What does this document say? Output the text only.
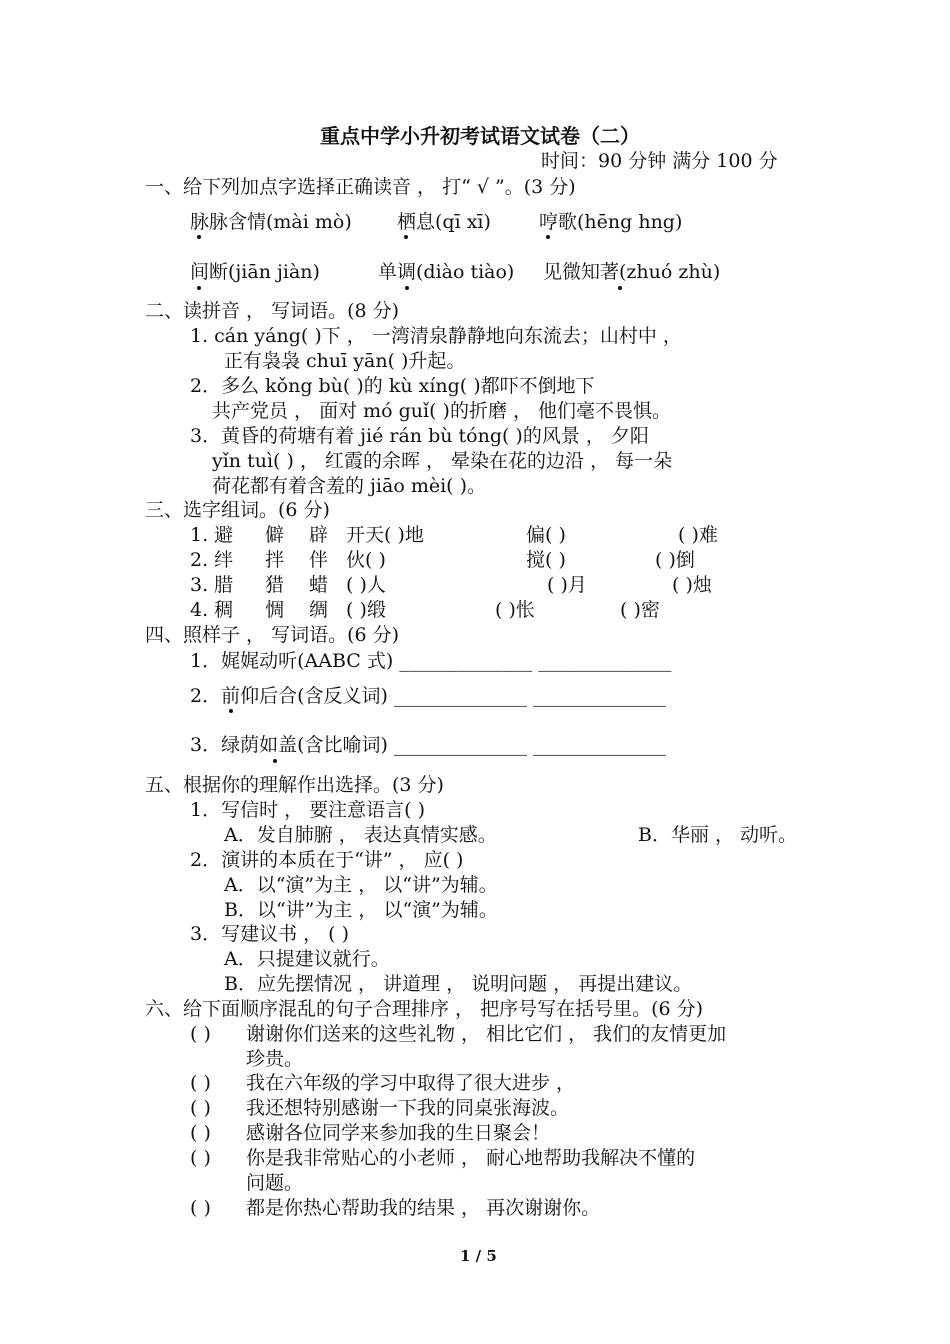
重点中学小升初考试语文试卷（二）
时间：90 分钟 满分 100 分
一、给下列加点字选择正确读音 ， 打“ √ ”。(3 分)
脉脉含情(mài mò) 栖息(qī xī)	哼歌(hēng hng)
间断(jiān jiàn)	单调(diào tiào) 见微知著(zhuó zhù)
二、读拼音 ， 写词语。(8 分)
1. cán yáng( )下 ， 一湾清泉静静地向东流去；山村中 ，
正有袅袅 chuī yān( )升起。
2．多么 kǒng bù( )的 kù xíng( )都吓不倒地下
共产党员 ， 面对 mó guǐ( )的折磨 ， 他们毫不畏惧。
3．黄昏的荷塘有着 jié rán bù tóng( )的风景 ， 夕阳
yǐn tuì( ) ， 红霞的余晖 ， 晕染在花的边沿 ， 每一朵
荷花都有着含羞的 jiāo mèi( )。
三、选字组词。(6 分)
1. 避 僻 辟 开天( )地	偏( )	( )难
2. 绊 拌 伴 伙( )	搅( )	( )倒
3. 腊 猎 蜡 ( )人	( )月	( )烛
4. 稠 惆 绸 ( )缎	( )怅	( )密
四、照样子 ， 写词语。(6 分)
1．娓娓动听(AABC 式) ______________ ______________
2．前仰后合(含反义词) ______________ ______________
3．绿荫如盖(含比喻词) ______________ ______________
五、根据你的理解作出选择。(3 分)
1．写信时 ， 要注意语言( )
A．发自肺腑 ， 表达真情实感。	B．华丽 ， 动听。
2．演讲的本质在于“讲” ， 应( )
A．以“演”为主 ， 以“讲”为辅。
B．以“讲”为主 ， 以“演”为辅。
3．写建议书 ， ( )
A．只提建议就行。
B．应先摆情况 ， 讲道理 ， 说明问题 ， 再提出建议。
六、给下面顺序混乱的句子合理排序 ， 把序号写在括号里。(6 分)
( ) 谢谢你们送来的这些礼物 ， 相比它们 ， 我们的友情更加
珍贵。
( ) 我在六年级的学习中取得了很大进步 ，
( ) 我还想特别感谢一下我的同桌张海波。
( ) 感谢各位同学来参加我的生日聚会！
( ) 你是我非常贴心的小老师 ， 耐心地帮助我解决不懂的
问题。
( ) 都是你热心帮助我的结果 ， 再次谢谢你。
1 / 5
